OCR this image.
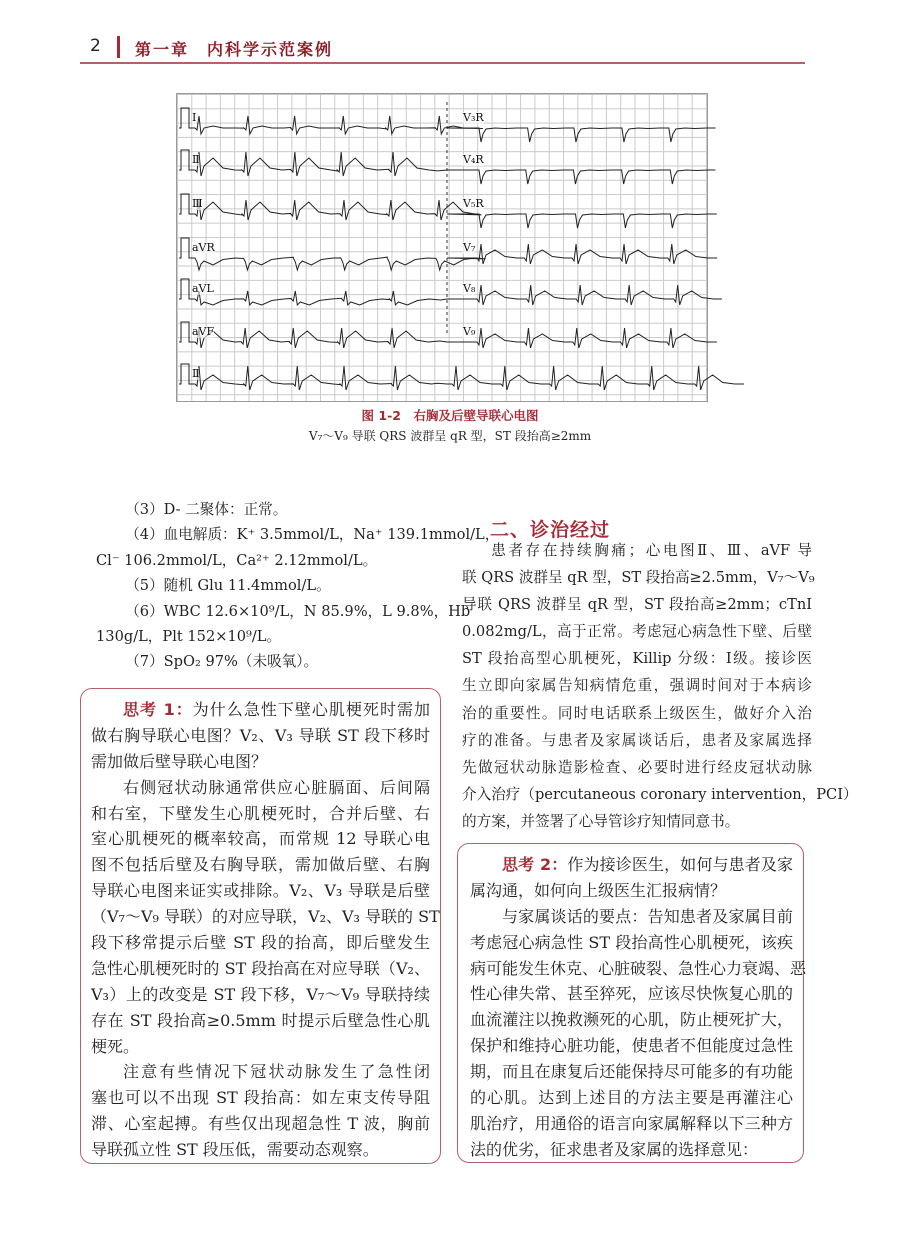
2 第一章　内科学示范案例
Ⅰ
Ⅱ
Ⅲ
aVR
aVL
aVF
Ⅱ
V₃R
V₄R
V₅R
V₇
V₈
V₉
图 1-2　右胸及后壁导联心电图
V₇～V₉ 导联 QRS 波群呈 qR 型，ST 段抬高≥2mm
（3）D- 二聚体：正常。
（4）血电解质：K⁺ 3.5mmol/L，Na⁺ 139.1mmol/L，
Cl⁻ 106.2mmol/L，Ca²⁺ 2.12mmol/L。
（5）随机 Glu 11.4mmol/L。
（6）WBC 12.6×10⁹/L，N 85.9%，L 9.8%，Hb
130g/L，Plt 152×10⁹/L。
（7）SpO₂ 97%（未吸氧）。
思考 1：为什么急性下壁心肌梗死时需加
做右胸导联心电图？V₂、V₃ 导联 ST 段下移时
需加做后壁导联心电图？
右侧冠状动脉通常供应心脏膈面、后间隔
和右室，下壁发生心肌梗死时，合并后壁、右
室心肌梗死的概率较高，而常规 12 导联心电
图不包括后壁及右胸导联，需加做后壁、右胸
导联心电图来证实或排除。V₂、V₃ 导联是后壁
（V₇～V₉ 导联）的对应导联，V₂、V₃ 导联的 ST
段下移常提示后壁 ST 段的抬高，即后壁发生
急性心肌梗死时的 ST 段抬高在对应导联（V₂、
V₃）上的改变是 ST 段下移，V₇～V₉ 导联持续
存在 ST 段抬高≥0.5mm 时提示后壁急性心肌
梗死。
注意有些情况下冠状动脉发生了急性闭
塞也可以不出现 ST 段抬高：如左束支传导阻
滞、心室起搏。有些仅出现超急性 T 波，胸前
导联孤立性 ST 段压低，需要动态观察。
二、诊治经过
患者存在持续胸痛；心电图Ⅱ、Ⅲ、aVF 导
联 QRS 波群呈 qR 型，ST 段抬高≥2.5mm，V₇～V₉
导联 QRS 波群呈 qR 型，ST 段抬高≥2mm；cTnI
0.082mg/L，高于正常。考虑冠心病急性下壁、后壁
ST 段抬高型心肌梗死，Killip 分级：Ⅰ级。接诊医
生立即向家属告知病情危重，强调时间对于本病诊
治的重要性。同时电话联系上级医生，做好介入治
疗的准备。与患者及家属谈话后，患者及家属选择
先做冠状动脉造影检查、必要时进行经皮冠状动脉
介入治疗（percutaneous coronary intervention，PCI）
的方案，并签署了心导管诊疗知情同意书。
思考 2：作为接诊医生，如何与患者及家
属沟通，如何向上级医生汇报病情？
与家属谈话的要点：告知患者及家属目前
考虑冠心病急性 ST 段抬高性心肌梗死，该疾
病可能发生休克、心脏破裂、急性心力衰竭、恶
性心律失常、甚至猝死，应该尽快恢复心肌的
血流灌注以挽救濒死的心肌，防止梗死扩大，
保护和维持心脏功能，使患者不但能度过急性
期，而且在康复后还能保持尽可能多的有功能
的心肌。达到上述目的方法主要是再灌注心
肌治疗，用通俗的语言向家属解释以下三种方
法的优劣，征求患者及家属的选择意见：
